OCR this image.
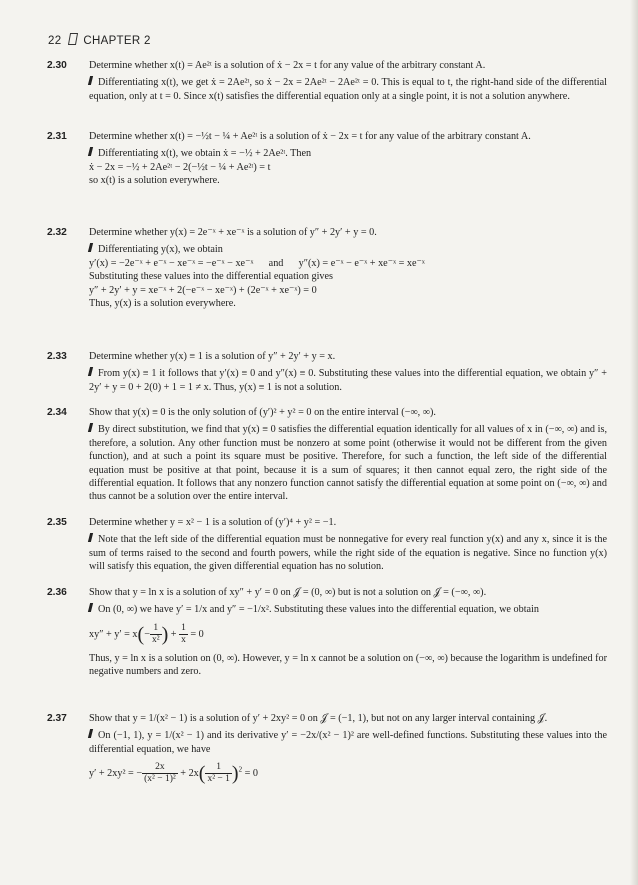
22 CHAPTER 2
2.30 Determine whether x(t) = Ae²ᵗ is a solution of ẋ − 2x = t for any value of the arbitrary constant A.

Differentiating x(t), we get ẋ = 2Ae²ᵗ, so ẋ − 2x = 2Ae²ᵗ − 2Ae²ᵗ = 0. This is equal to t, the right-hand side of the differential equation, only at t = 0. Since x(t) satisfies the differential equation only at a single point, it is not a solution anywhere.

2.31 Determine whether x(t) = −½t − ¼ + Ae²ᵗ is a solution of ẋ − 2x = t for any value of the arbitrary constant A.

Differentiating x(t), we obtain ẋ = −½ + 2Ae²ᵗ. Then

ẋ − 2x = −½ + 2Ae²ᵗ − 2(−½t − ¼ + Ae²ᵗ) = t

so x(t) is a solution everywhere.

2.32 Determine whether y(x) = 2e⁻ˣ + xe⁻ˣ is a solution of y″ + 2y′ + y = 0.

Differentiating y(x), we obtain

y′(x) = −2e⁻ˣ + e⁻ˣ − xe⁻ˣ = −e⁻ˣ − xe⁻ˣ      and      y″(x) = e⁻ˣ − e⁻ˣ + xe⁻ˣ = xe⁻ˣ

Substituting these values into the differential equation gives

y″ + 2y′ + y = xe⁻ˣ + 2(−e⁻ˣ − xe⁻ˣ) + (2e⁻ˣ + xe⁻ˣ) = 0

Thus, y(x) is a solution everywhere.

2.33 Determine whether y(x) ≡ 1 is a solution of y″ + 2y′ + y = x.

From y(x) ≡ 1 it follows that y′(x) ≡ 0 and y″(x) ≡ 0. Substituting these values into the differential equation, we obtain y″ + 2y′ + y = 0 + 2(0) + 1 = 1 ≠ x. Thus, y(x) ≡ 1 is not a solution.

2.34 Show that y(x) ≡ 0 is the only solution of (y′)² + y² = 0 on the entire interval (−∞, ∞).

By direct substitution, we find that y(x) ≡ 0 satisfies the differential equation identically for all values of x in (−∞, ∞) and is, therefore, a solution. Any other function must be nonzero at some point (otherwise it would not be different from the given function), and at such a point its square must be positive. Therefore, for such a function, the left side of the differential equation must be positive at that point, because it is a sum of squares; it then cannot equal zero, the right side of the differential equation. It follows that any nonzero function cannot satisfy the differential equation at some point on (−∞, ∞) and thus cannot be a solution over the entire interval.

2.35 Determine whether y = x² − 1 is a solution of (y′)⁴ + y² = −1.

Note that the left side of the differential equation must be nonnegative for every real function y(x) and any x, since it is the sum of terms raised to the second and fourth powers, while the right side of the equation is negative. Since no function y(x) will satisfy this equation, the given differential equation has no solution.

2.36 Show that y = ln x is a solution of xy″ + y′ = 0 on 𝒥 = (0, ∞) but is not a solution on 𝒥 = (−∞, ∞).

On (0, ∞) we have y′ = 1/x and y″ = −1/x². Substituting these values into the differential equation, we obtain

$xy'' + y' = x(- \frac{1}{\text{x²}}$ ) + $\frac{1}{x} = 0$

Thus, y = ln x is a solution on (0, ∞). However, y = ln x cannot be a solution on (−∞, ∞) because the logarithm is undefined for negative numbers and zero.

2.37 Show that y = 1/(x² − 1) is a solution of y′ + 2xy² = 0 on 𝒥 = (−1, 1), but not on any larger interval containing 𝒥.

On (−1, 1), y = 1/(x² − 1) and its derivative y′ = −2x/(x² − 1)² are well-defined functions. Substituting these values into the differential equation, we have

y′ + 2xy² = − $\frac{2x}{\text{(x² − 1)²}} + 2x( \frac{1}{\text{x² − 1}} )^2 = 0$
